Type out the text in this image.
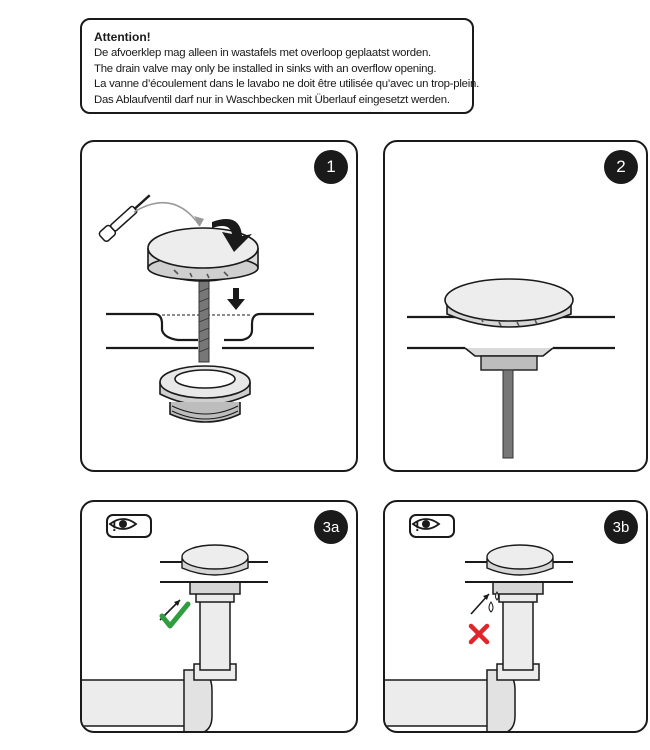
Attention!
De afvoerklep mag alleen in wastafels met overloop geplaatst worden.
The drain valve may only be installed in sinks with an overflow opening.
La vanne d’écoulement dans le lavabo ne doit être utilisée qu’avec un trop-plein.
Das Ablaufventil darf nur in Waschbecken mit Überlauf eingesetzt werden.
1	2
!	3a	!	3b
